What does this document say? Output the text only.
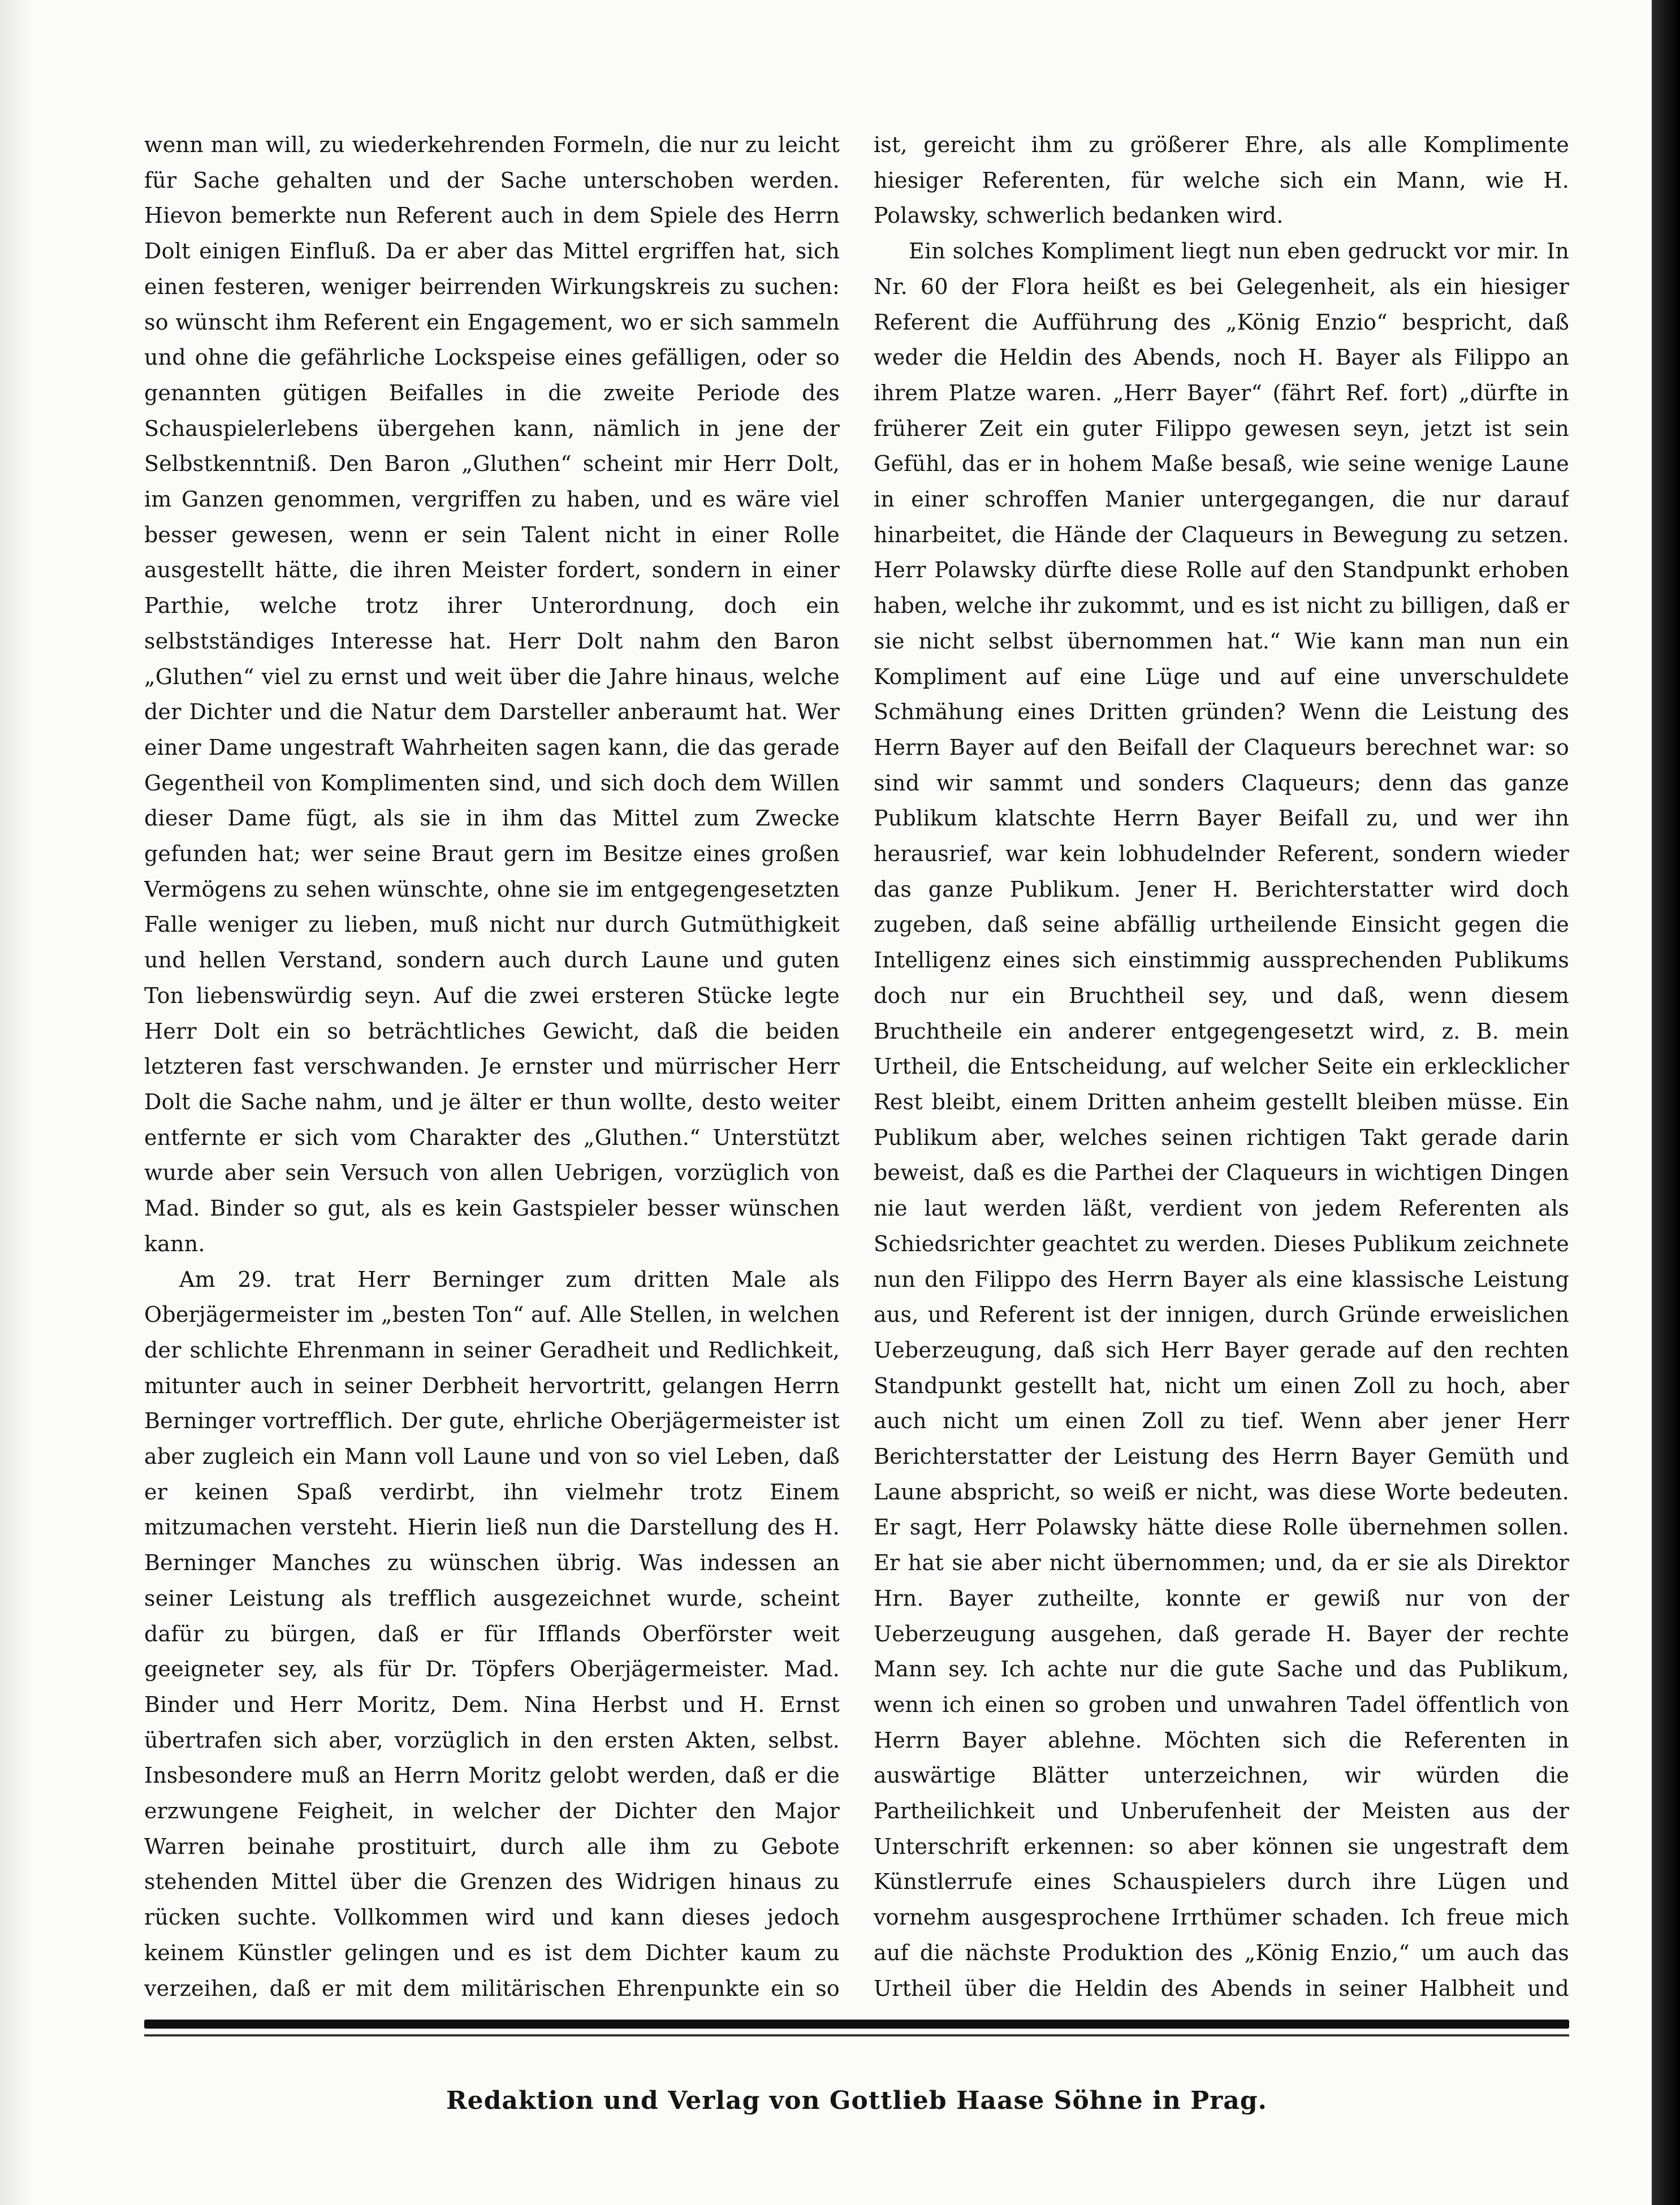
wenn man will, zu wiederkehrenden Formeln, die nur zu leicht für Sache gehalten und der Sache unterschoben werden. Hievon bemerkte nun Referent auch in dem Spiele des Herrn Dolt einigen Einfluß. Da er aber das Mittel ergriffen hat, sich einen festeren, weniger beirrenden Wirkungskreis zu suchen: so wünscht ihm Referent ein Engagement, wo er sich sammeln und ohne die gefährliche Lockspeise eines gefälligen, oder so genannten gütigen Beifalles in die zweite Periode des Schauspielerlebens übergehen kann, nämlich in jene der Selbstkenntniß. Den Baron „Gluthen“ scheint mir Herr Dolt, im Ganzen genommen, vergriffen zu haben, und es wäre viel besser gewesen, wenn er sein Talent nicht in einer Rolle ausgestellt hätte, die ihren Meister fordert, sondern in einer Parthie, welche trotz ihrer Unterordnung, doch ein selbstständiges Interesse hat. Herr Dolt nahm den Baron „Gluthen“ viel zu ernst und weit über die Jahre hinaus, welche der Dichter und die Natur dem Darsteller anberaumt hat. Wer einer Dame ungestraft Wahrheiten sagen kann, die das gerade Gegentheil von Komplimenten sind, und sich doch dem Willen dieser Dame fügt, als sie in ihm das Mittel zum Zwecke gefunden hat; wer seine Braut gern im Besitze eines großen Vermögens zu sehen wünschte, ohne sie im entgegengesetzten Falle weniger zu lieben, muß nicht nur durch Gutmüthigkeit und hellen Verstand, sondern auch durch Laune und guten Ton liebenswürdig seyn. Auf die zwei ersteren Stücke legte Herr Dolt ein so beträchtliches Gewicht, daß die beiden letzteren fast verschwanden. Je ernster und mürrischer Herr Dolt die Sache nahm, und je älter er thun wollte, desto weiter entfernte er sich vom Charakter des „Gluthen.“ Unterstützt wurde aber sein Versuch von allen Uebrigen, vorzüglich von Mad. Binder so gut, als es kein Gastspieler besser wünschen kann.

Am 29. trat Herr Berninger zum dritten Male als Oberjägermeister im „besten Ton“ auf. Alle Stellen, in welchen der schlichte Ehrenmann in seiner Geradheit und Redlichkeit, mitunter auch in seiner Derbheit hervortritt, gelangen Herrn Berninger vortrefflich. Der gute, ehrliche Oberjägermeister ist aber zugleich ein Mann voll Laune und von so viel Leben, daß er keinen Spaß verdirbt, ihn vielmehr trotz Einem mitzumachen versteht. Hierin ließ nun die Darstellung des H. Berninger Manches zu wünschen übrig. Was indessen an seiner Leistung als trefflich ausgezeichnet wurde, scheint dafür zu bürgen, daß er für Ifflands Oberförster weit geeigneter sey, als für Dr. Töpfers Oberjägermeister. Mad. Binder und Herr Moritz, Dem. Nina Herbst und H. Ernst übertrafen sich aber, vorzüglich in den ersten Akten, selbst. Insbesondere muß an Herrn Moritz gelobt werden, daß er die erzwungene Feigheit, in welcher der Dichter den Major Warren beinahe prostituirt, durch alle ihm zu Gebote stehenden Mittel über die Grenzen des Widrigen hinaus zu rücken suchte. Vollkommen wird und kann dieses jedoch keinem Künstler gelingen und es ist dem Dichter kaum zu verzeihen, daß er mit dem militärischen Ehrenpunkte ein so

ist, gereicht ihm zu größerer Ehre, als alle Komplimente hiesiger Referenten, für welche sich ein Mann, wie H. Polawsky, schwerlich bedanken wird.

Ein solches Kompliment liegt nun eben gedruckt vor mir. In Nr. 60 der Flora heißt es bei Gelegenheit, als ein hiesiger Referent die Aufführung des „König Enzio“ bespricht, daß weder die Heldin des Abends, noch H. Bayer als Filippo an ihrem Platze waren. „Herr Bayer“ (fährt Ref. fort) „dürfte in früherer Zeit ein guter Filippo gewesen seyn, jetzt ist sein Gefühl, das er in hohem Maße besaß, wie seine wenige Laune in einer schroffen Manier untergegangen, die nur darauf hinarbeitet, die Hände der Claqueurs in Bewegung zu setzen. Herr Polawsky dürfte diese Rolle auf den Standpunkt erhoben haben, welche ihr zukommt, und es ist nicht zu billigen, daß er sie nicht selbst übernommen hat.“ Wie kann man nun ein Kompliment auf eine Lüge und auf eine unverschuldete Schmähung eines Dritten gründen? Wenn die Leistung des Herrn Bayer auf den Beifall der Claqueurs berechnet war: so sind wir sammt und sonders Claqueurs; denn das ganze Publikum klatschte Herrn Bayer Beifall zu, und wer ihn herausrief, war kein lobhudelnder Referent, sondern wieder das ganze Publikum. Jener H. Berichterstatter wird doch zugeben, daß seine abfällig urtheilende Einsicht gegen die Intelligenz eines sich einstimmig aussprechenden Publikums doch nur ein Bruchtheil sey, und daß, wenn diesem Bruchtheile ein anderer entgegengesetzt wird, z. B. mein Urtheil, die Entscheidung, auf welcher Seite ein erklecklicher Rest bleibt, einem Dritten anheim gestellt bleiben müsse. Ein Publikum aber, welches seinen richtigen Takt gerade darin beweist, daß es die Parthei der Claqueurs in wichtigen Dingen nie laut werden läßt, verdient von jedem Referenten als Schiedsrichter geachtet zu werden. Dieses Publikum zeichnete nun den Filippo des Herrn Bayer als eine klassische Leistung aus, und Referent ist der innigen, durch Gründe erweislichen Ueberzeugung, daß sich Herr Bayer gerade auf den rechten Standpunkt gestellt hat, nicht um einen Zoll zu hoch, aber auch nicht um einen Zoll zu tief. Wenn aber jener Herr Berichterstatter der Leistung des Herrn Bayer Gemüth und Laune abspricht, so weiß er nicht, was diese Worte bedeuten. Er sagt, Herr Polawsky hätte diese Rolle übernehmen sollen. Er hat sie aber nicht übernommen; und, da er sie als Direktor Hrn. Bayer zutheilte, konnte er gewiß nur von der Ueberzeugung ausgehen, daß gerade H. Bayer der rechte Mann sey. Ich achte nur die gute Sache und das Publikum, wenn ich einen so groben und unwahren Tadel öffentlich von Herrn Bayer ablehne. Möchten sich die Referenten in auswärtige Blätter unterzeichnen, wir würden die Partheilichkeit und Unberufenheit der Meisten aus der Unterschrift erkennen: so aber können sie ungestraft dem Künstlerrufe eines Schauspielers durch ihre Lügen und vornehm ausgesprochene Irrthümer schaden. Ich freue mich auf die nächste Produktion des „König Enzio,“ um auch das Urtheil über die Heldin des Abends in seiner Halbheit und

Redaktion und Verlag von Gottlieb Haase Söhne in Prag.
